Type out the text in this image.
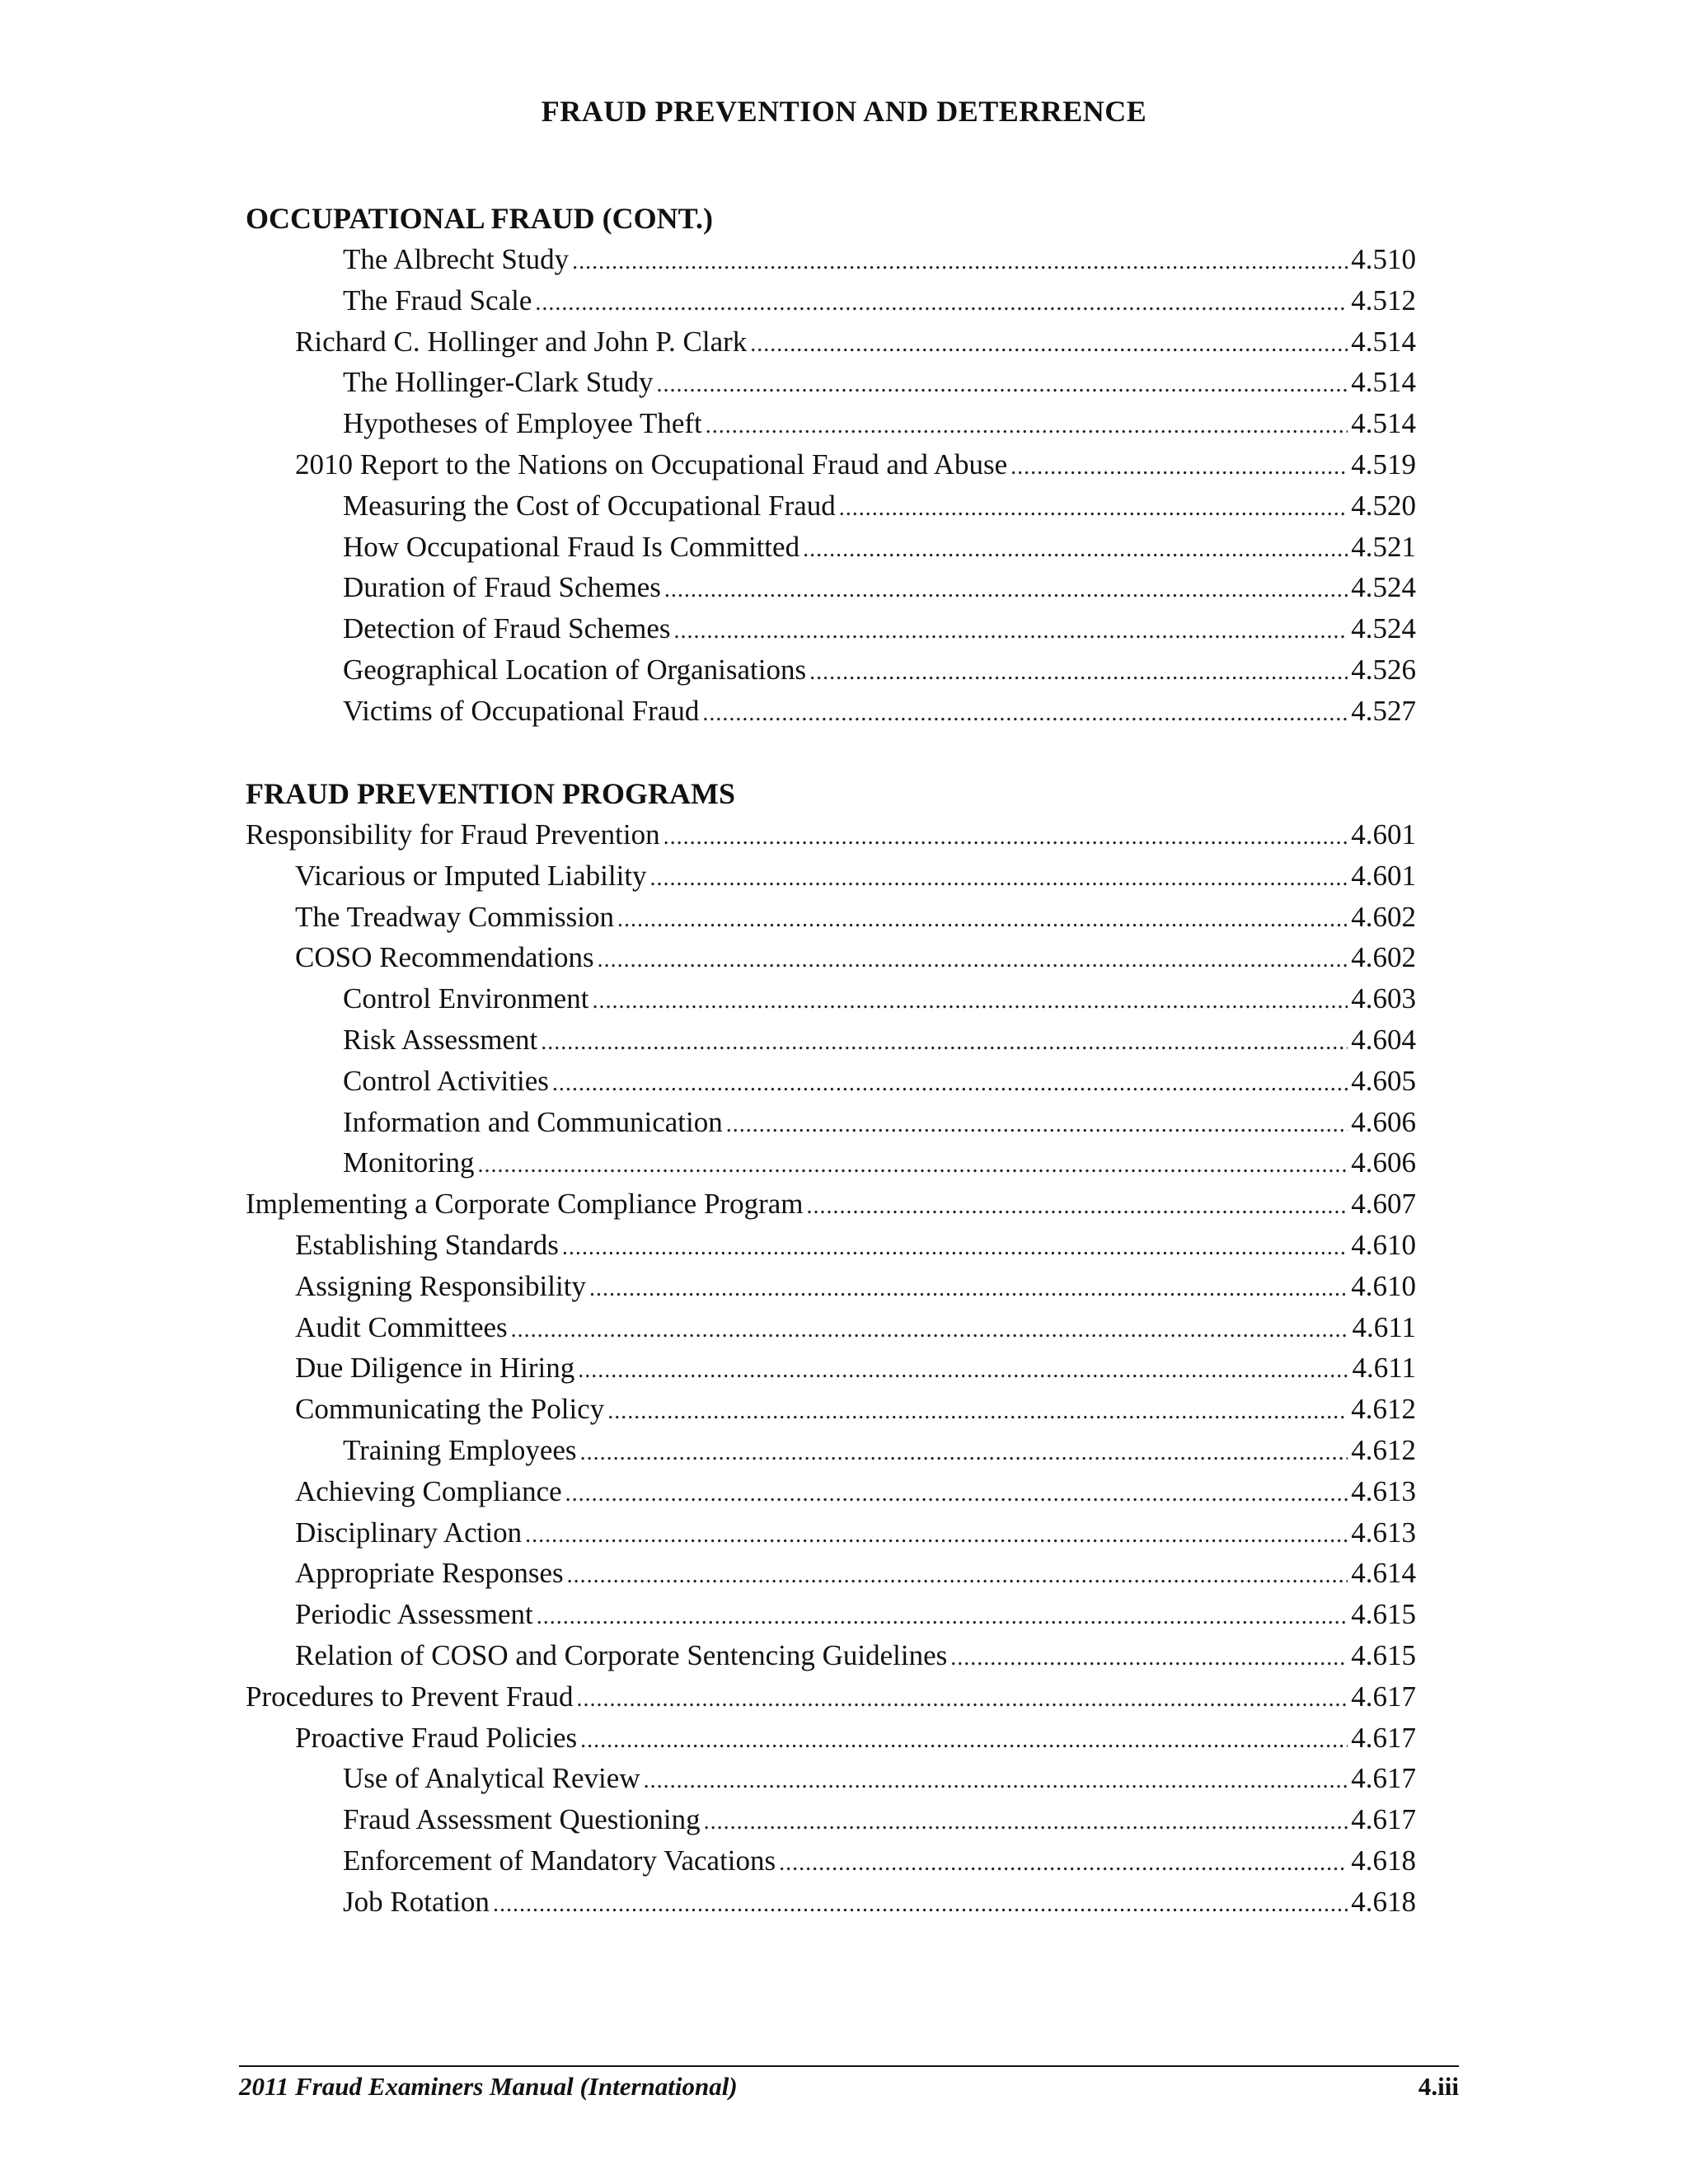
FRAUD PREVENTION AND DETERRENCE
OCCUPATIONAL FRAUD (CONT.)
The Albrecht Study . . .	4.510
The Fraud Scale . . .	4.512
Richard C. Hollinger and John P. Clark . . .	4.514
The Hollinger-Clark Study . . .	4.514
Hypotheses of Employee Theft . . .	4.514
2010 Report to the Nations on Occupational Fraud and Abuse . . .	4.519
Measuring the Cost of Occupational Fraud . . .	4.520
How Occupational Fraud Is Committed . . .	4.521
Duration of Fraud Schemes . . .	4.524
Detection of Fraud Schemes . . .	4.524
Geographical Location of Organisations . . .	4.526
Victims of Occupational Fraud . . .	4.527
FRAUD PREVENTION PROGRAMS
Responsibility for Fraud Prevention . . .	4.601
Vicarious or Imputed Liability . . .	4.601
The Treadway Commission . . .	4.602
COSO Recommendations . . .	4.602
Control Environment . . .	4.603
Risk Assessment . . .	4.604
Control Activities . . .	4.605
Information and Communication . . .	4.606
Monitoring . . .	4.606
Implementing a Corporate Compliance Program . . .	4.607
Establishing Standards . . .	4.610
Assigning Responsibility . . .	4.610
Audit Committees . . .	4.611
Due Diligence in Hiring . . .	4.611
Communicating the Policy . . .	4.612
Training Employees . . .	4.612
Achieving Compliance . . .	4.613
Disciplinary Action . . .	4.613
Appropriate Responses . . .	4.614
Periodic Assessment . . .	4.615
Relation of COSO and Corporate Sentencing Guidelines . . .	4.615
Procedures to Prevent Fraud . . .	4.617
Proactive Fraud Policies . . .	4.617
Use of Analytical Review . . .	4.617
Fraud Assessment Questioning . . .	4.617
Enforcement of Mandatory Vacations . . .	4.618
Job Rotation . . .	4.618
2011 Fraud Examiners Manual (International)	4.iii
